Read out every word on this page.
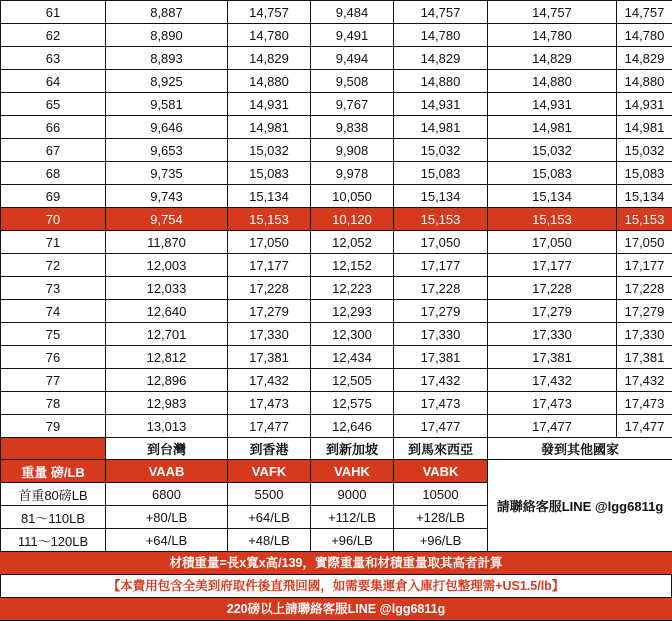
61	8,887	14,757	9,484	14,757	14,757	14,757
62	8,890	14,780	9,491	14,780	14,780	14,780
63	8,893	14,829	9,494	14,829	14,829	14,829
64	8,925	14,880	9,508	14,880	14,880	14,880
65	9,581	14,931	9,767	14,931	14,931	14,931
66	9,646	14,981	9,838	14,981	14,981	14,981
67	9,653	15,032	9,908	15,032	15,032	15,032
68	9,735	15,083	9,978	15,083	15,083	15,083
69	9,743	15,134	10,050	15,134	15,134	15,134
70	9,754	15,153	10,120	15,153	15,153	15,153
71	11,870	17,050	12,052	17,050	17,050	17,050
72	12,003	17,177	12,152	17,177	17,177	17,177
73	12,033	17,228	12,223	17,228	17,228	17,228
74	12,640	17,279	12,293	17,279	17,279	17,279
75	12,701	17,330	12,300	17,330	17,330	17,330
76	12,812	17,381	12,434	17,381	17,381	17,381
77	12,896	17,432	12,505	17,432	17,432	17,432
78	12,983	17,473	12,575	17,473	17,473	17,473
79	13,013	17,477	12,646	17,477	17,477	17,477
	到台灣	到香港	到新加坡	到馬來西亞	發到其他國家	
重量 磅/LB	VAAB	VAFK	VAHK	VABK	請聯絡客服LINE @lgg6811g	
首重80磅LB	6800	5500	9000	10500		
81～110LB	+80/LB	+64/LB	+112/LB	+128/LB		
111～120LB	+64/LB	+48/LB	+96/LB	+96/LB		
材積重量=長x寬x高/139，實際重量和材積重量取其高者計算
【本費用包含全美到府取件後直飛回國，如需要集運倉入庫打包整理需+US1.5/lb】
220磅以上請聯絡客服LINE @lgg6811g
